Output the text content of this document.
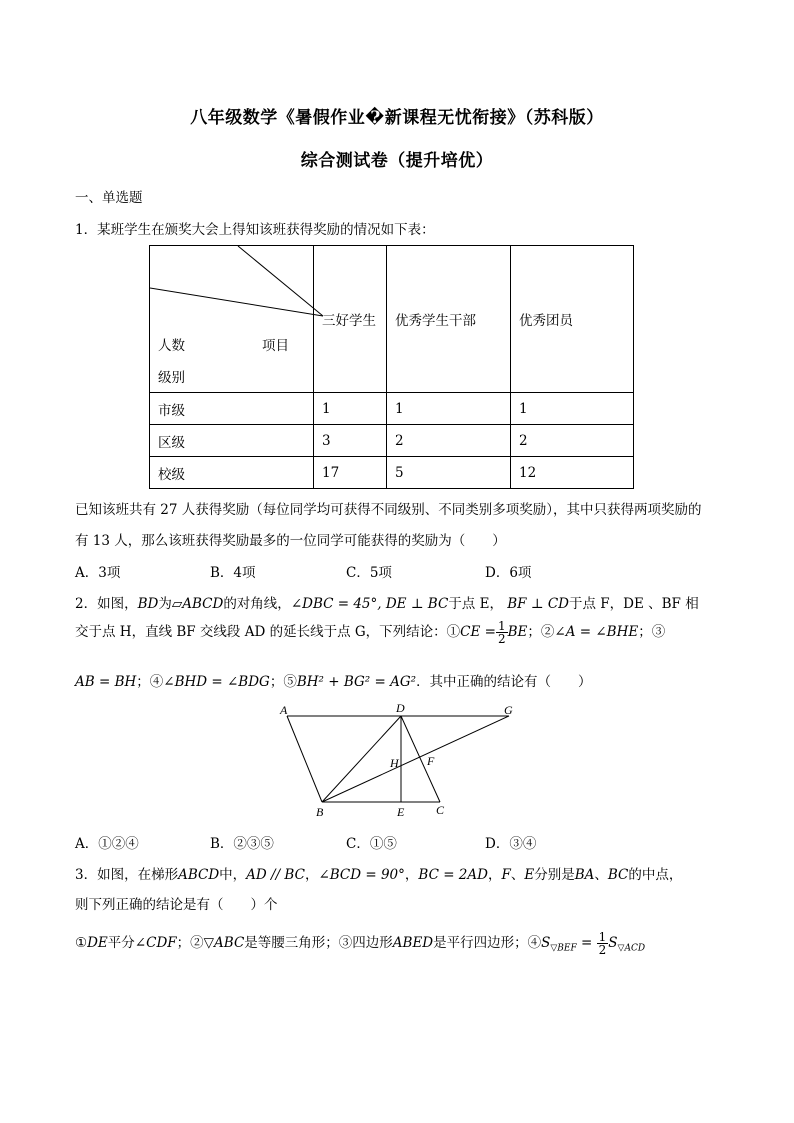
八年级数学《暑假作业�新课程无忧衔接》（苏科版）
综合测试卷（提升培优）
一、单选题
1．某班学生在颁奖大会上得知该班获得奖励的情况如下表：
项目
人数
级别	三好学生	优秀学生干部	优秀团员
市级	1	1	1
区级	3	2	2
校级	17	5	12
已知该班共有 27 人获得奖励（每位同学均可获得不同级别、不同类别多项奖励），其中只获得两项奖励的
有 13 人，那么该班获得奖励最多的一位同学可能获得的奖励为（　　）
A．3项	B．4项	C．5项	D．6项
2．如图，BD为▱ABCD的对角线，∠DBC = 45°, DE ⊥ BC于点 E， BF ⊥ CD于点 F，DE 、BF 相
交于点 H，直线 BF 交线段 AD 的延长线于点 G，下列结论：①CE = $\frac{1}{2}$ BE；②∠A = ∠BHE；③
AB = BH；④∠BHD = ∠BDG；⑤BH² + BG² = AG²．其中正确的结论有（　　）
A	D	G
H F
B	E	C
A．①②④	B．②③⑤	C．①⑤	D．③④
3．如图，在梯形ABCD中，AD // BC，∠BCD = 90°，BC = 2AD，F、E分别是BA、BC的中点，
则下列正确的结论是有（　　）个
①DE平分∠CDF；②▽ABC是等腰三角形；③四边形ABED是平行四边形；$④S_{▽BEF} = \frac{1}{2} S_{▽ACD}$
